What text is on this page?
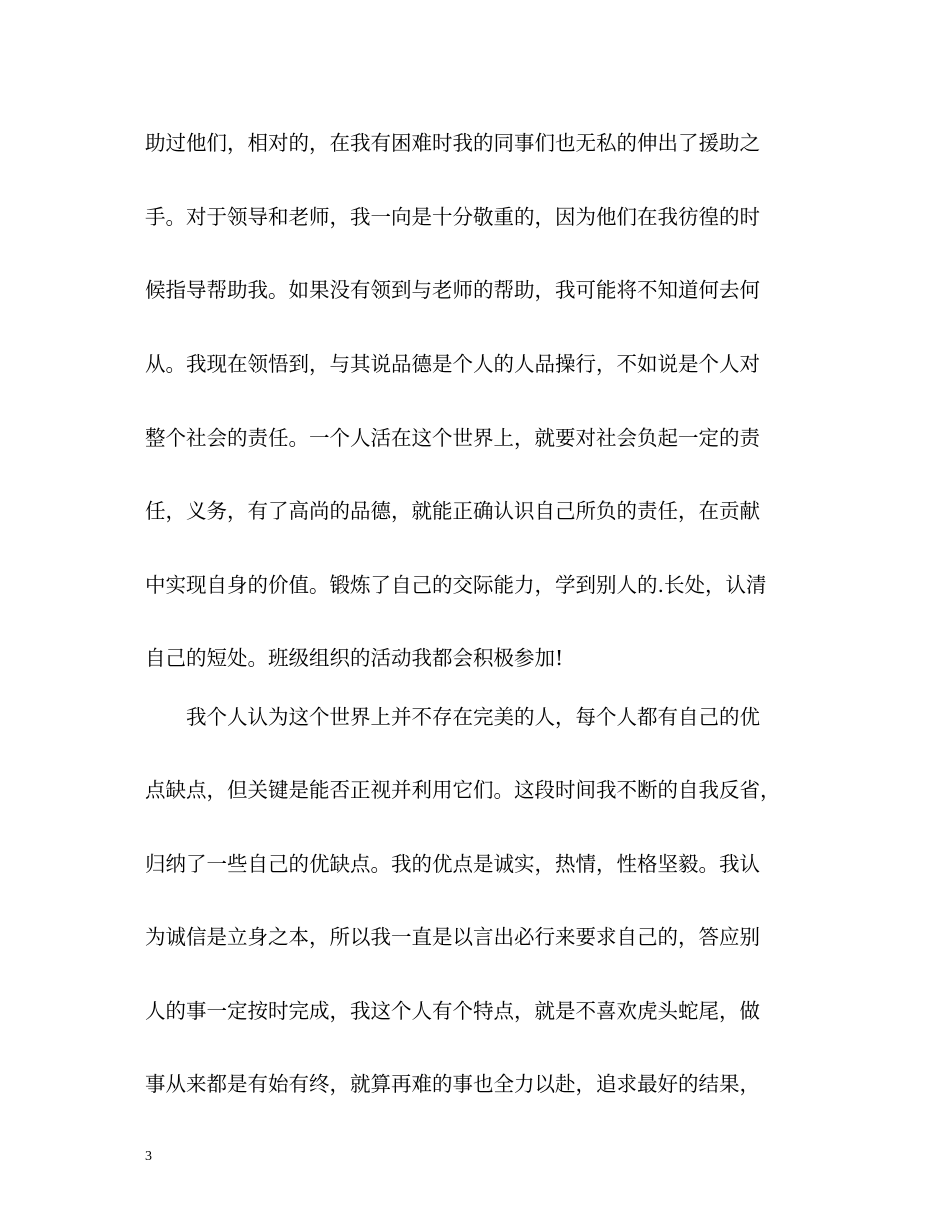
助过他们，相对的，在我有困难时我的同事们也无私的伸出了援助之
手。对于领导和老师，我一向是十分敬重的，因为他们在我彷徨的时
候指导帮助我。如果没有领到与老师的帮助，我可能将不知道何去何
从。我现在领悟到，与其说品德是个人的人品操行，不如说是个人对
整个社会的责任。一个人活在这个世界上，就要对社会负起一定的责
任，义务，有了高尚的品德，就能正确认识自己所负的责任，在贡献
中实现自身的价值。锻炼了自己的交际能力，学到别人的.长处，认清
自己的短处。班级组织的活动我都会积极参加!
我个人认为这个世界上并不存在完美的人，每个人都有自己的优
点缺点，但关键是能否正视并利用它们。这段时间我不断的自我反省，
归纳了一些自己的优缺点。我的优点是诚实，热情，性格坚毅。我认
为诚信是立身之本，所以我一直是以言出必行来要求自己的，答应别
人的事一定按时完成，我这个人有个特点，就是不喜欢虎头蛇尾，做
事从来都是有始有终，就算再难的事也全力以赴，追求最好的结果，
3
